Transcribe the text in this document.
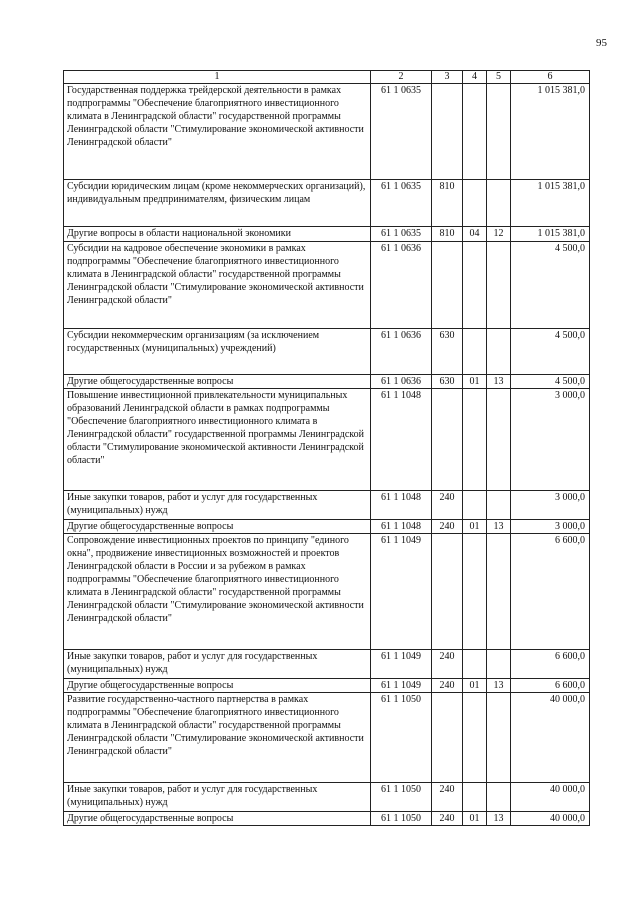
95
1	2	3	4	5	6
Государственная поддержка трейдерской деятельности в рамках подпрограммы "Обеспечение благоприятного инвестиционного климата в Ленинградской области" государственной программы Ленинградской области "Стимулирование экономической активности Ленинградской области"	61 1 0635				1 015 381,0
Субсидии юридическим лицам (кроме некоммерческих организаций), индивидуальным предпринимателям, физическим лицам	61 1 0635	810			1 015 381,0
Другие вопросы в области национальной экономики	61 1 0635	810	04	12	1 015 381,0
Субсидии на кадровое обеспечение экономики в рамках подпрограммы "Обеспечение благоприятного инвестиционного климата в Ленинградской области" государственной программы Ленинградской области "Стимулирование экономической активности Ленинградской области"	61 1 0636				4 500,0
Субсидии некоммерческим организациям (за исключением государственных (муниципальных) учреждений)	61 1 0636	630			4 500,0
Другие общегосударственные вопросы	61 1 0636	630	01	13	4 500,0
Повышение инвестиционной привлекательности муниципальных образований Ленинградской области в рамках подпрограммы "Обеспечение благоприятного инвестиционного климата в Ленинградской области" государственной программы Ленинградской области "Стимулирование экономической активности Ленинградской области"	61 1 1048				3 000,0
Иные закупки товаров, работ и услуг для государственных (муниципальных) нужд	61 1 1048	240			3 000,0
Другие общегосударственные вопросы	61 1 1048	240	01	13	3 000,0
Сопровождение инвестиционных проектов по принципу "единого окна", продвижение инвестиционных возможностей и проектов Ленинградской области в России и за рубежом в рамках подпрограммы "Обеспечение благоприятного инвестиционного климата в Ленинградской области" государственной программы Ленинградской области "Стимулирование экономической активности Ленинградской области"	61 1 1049				6 600,0
Иные закупки товаров, работ и услуг для государственных (муниципальных) нужд	61 1 1049	240			6 600,0
Другие общегосударственные вопросы	61 1 1049	240	01	13	6 600,0
Развитие государственно-частного партнерства в рамках подпрограммы "Обеспечение благоприятного инвестиционного климата в Ленинградской области" государственной программы Ленинградской области "Стимулирование экономической активности Ленинградской области"	61 1 1050				40 000,0
Иные закупки товаров, работ и услуг для государственных (муниципальных) нужд	61 1 1050	240			40 000,0
Другие общегосударственные вопросы	61 1 1050	240	01	13	40 000,0
